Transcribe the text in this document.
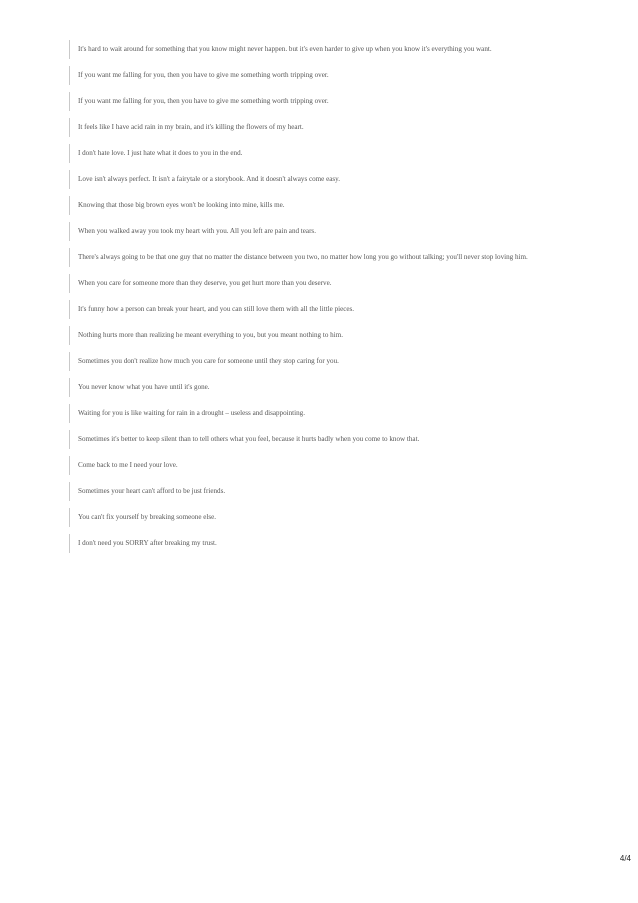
It's hard to wait around for something that you know might never happen. but it's even harder to give up when you know it's everything you want.
If you want me falling for you, then you have to give me something worth tripping over.
If you want me falling for you, then you have to give me something worth tripping over.
It feels like I have acid rain in my brain, and it's killing the flowers of my heart.
I don't hate love. I just hate what it does to you in the end.
Love isn't always perfect. It isn't a fairytale or a storybook. And it doesn't always come easy.
Knowing that those big brown eyes won't be looking into mine, kills me.
When you walked away you took my heart with you. All you left are pain and tears.
There's always going to be that one guy that no matter the distance between you two, no matter how long you go without talking; you'll never stop loving him.
When you care for someone more than they deserve, you get hurt more than you deserve.
It's funny how a person can break your heart, and you can still love them with all the little pieces.
Nothing hurts more than realizing he meant everything to you, but you meant nothing to him.
Sometimes you don't realize how much you care for someone until they stop caring for you.
You never know what you have until it's gone.
Waiting for you is like waiting for rain in a drought – useless and disappointing.
Sometimes it's better to keep silent than to tell others what you feel, because it hurts badly when you come to know that.
Come back to me I need your love.
Sometimes your heart can't afford to be just friends.
You can't fix yourself by breaking someone else.
I don't need you SORRY after breaking my trust.
4/4
